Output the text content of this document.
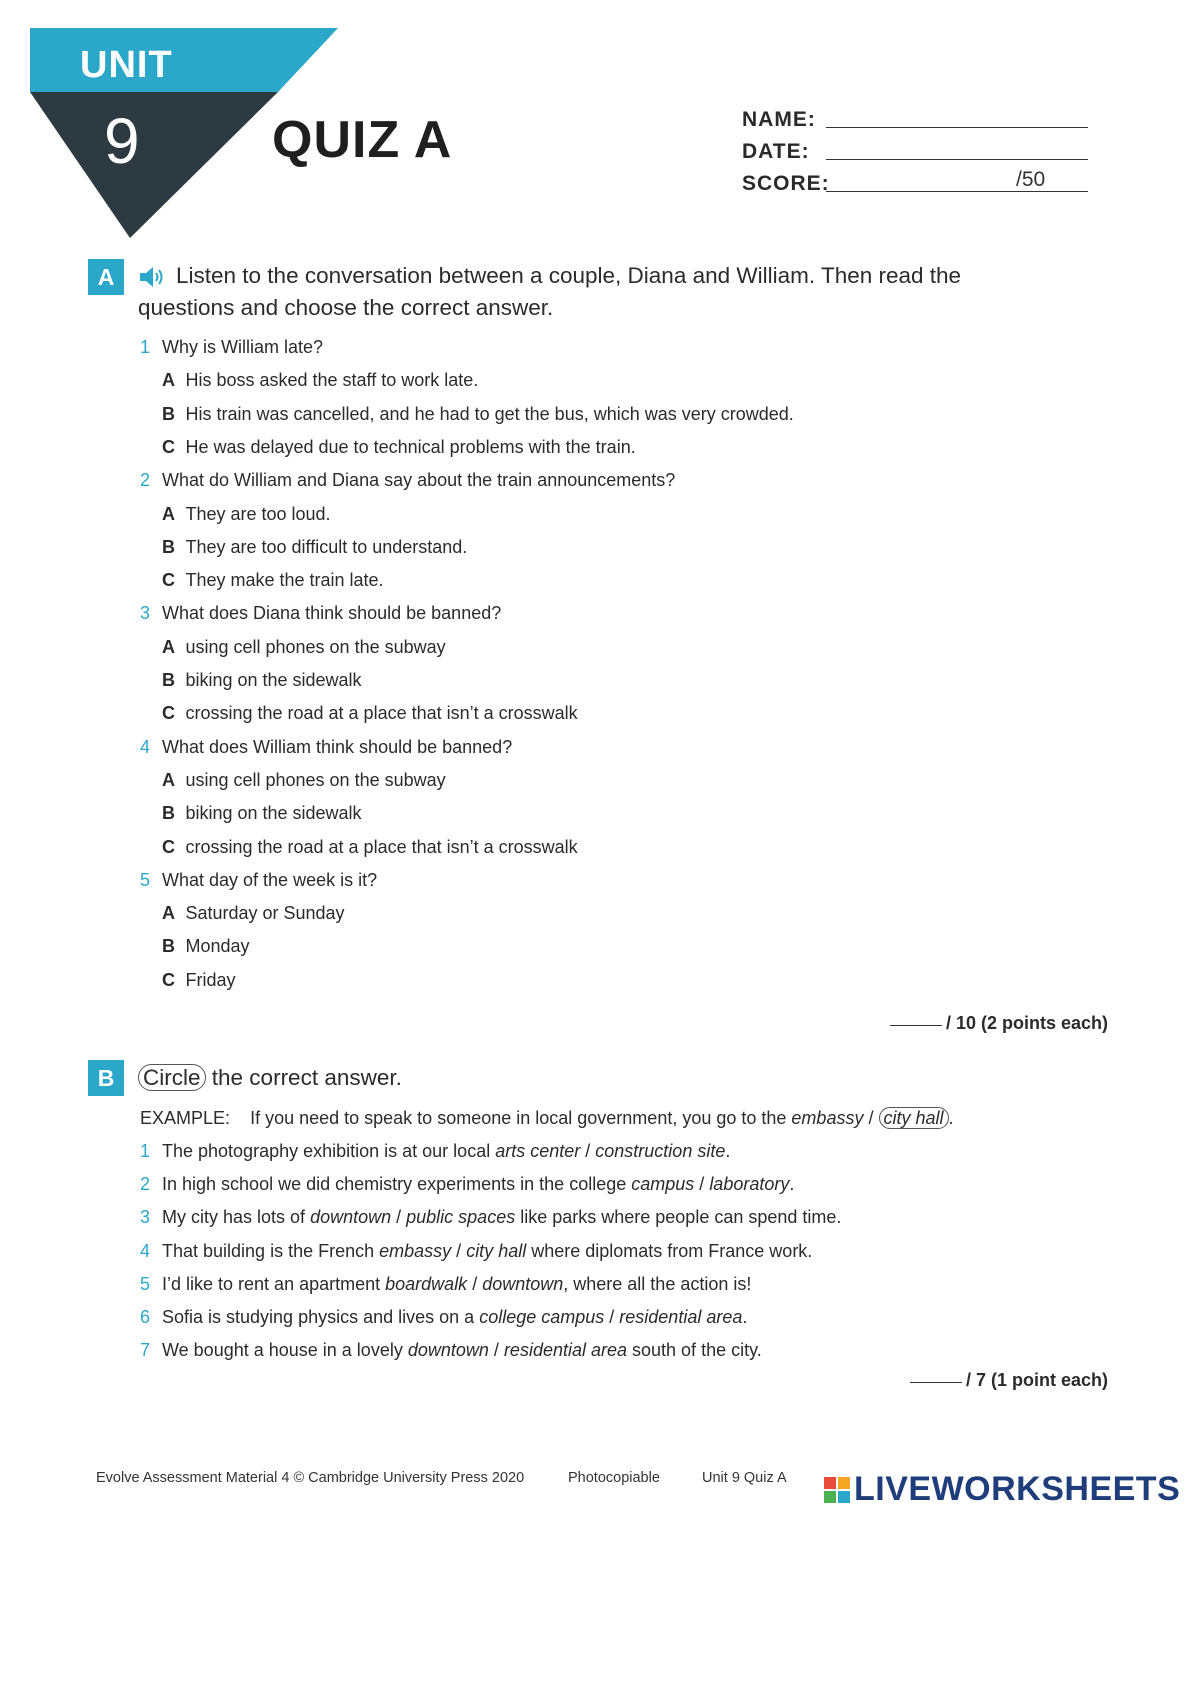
UNIT
9	QUIZ A	NAME:
DATE:
SCORE:	/50
A	Listen to the conversation between a couple, Diana and William. Then read the
questions and choose the correct answer.
1 Why is William late?
A His boss asked the staff to work late.
B His train was cancelled, and he had to get the bus, which was very crowded.
C He was delayed due to technical problems with the train.
2 What do William and Diana say about the train announcements?
A They are too loud.
B They are too difficult to understand.
C They make the train late.
3 What does Diana think should be banned?
A using cell phones on the subway
B biking on the sidewalk
C crossing the road at a place that isn’t a crosswalk
4 What does William think should be banned?
A using cell phones on the subway
B biking on the sidewalk
C crossing the road at a place that isn’t a crosswalk
5 What day of the week is it?
A Saturday or Sunday
B Monday
C Friday
/ 10 (2 points each)
B	Circle the correct answer.
EXAMPLE: If you need to speak to someone in local government, you go to the embassy / city hall .
1 The photography exhibition is at our local arts center / construction site.
2 In high school we did chemistry experiments in the college campus / laboratory.
3 My city has lots of downtown / public spaces like parks where people can spend time.
4 That building is the French embassy / city hall where diplomats from France work.
5 I’d like to rent an apartment boardwalk / downtown, where all the action is!
6 Sofia is studying physics and lives on a college campus / residential area.
7 We bought a house in a lovely downtown / residential area south of the city.
/ 7 (1 point each)
Evolve Assessment Material 4 © Cambridge University Press 2020	Photocopiable	Unit 9 Quiz A LIVEWORKSHEETS
